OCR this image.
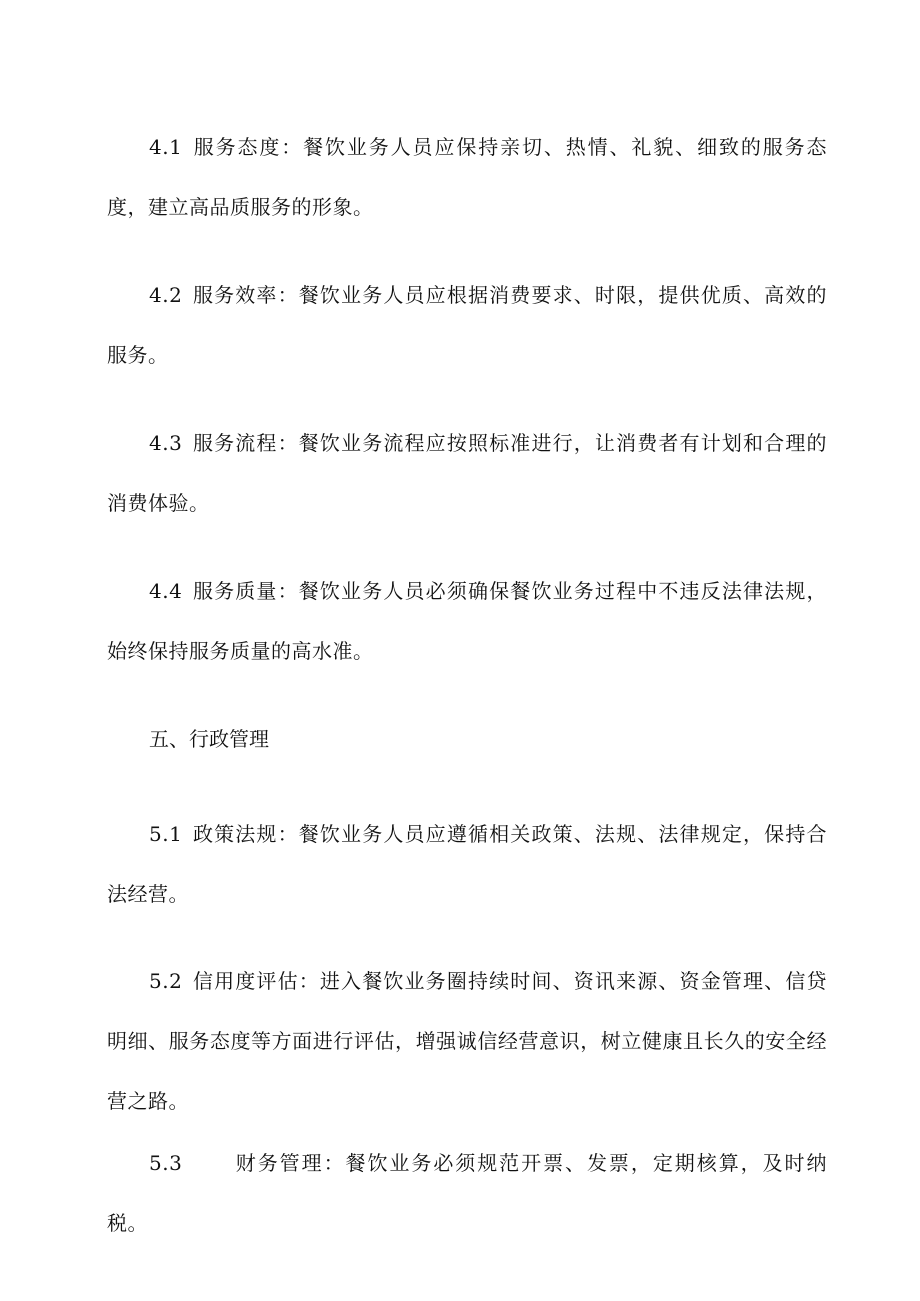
4.1 服务态度：餐饮业务人员应保持亲切、热情、礼貌、细致的服务态度，建立高品质服务的形象。

4.2 服务效率：餐饮业务人员应根据消费要求、时限，提供优质、高效的服务。

4.3 服务流程：餐饮业务流程应按照标准进行，让消费者有计划和合理的消费体验。

4.4 服务质量：餐饮业务人员必须确保餐饮业务过程中不违反法律法规，始终保持服务质量的高水准。

五、行政管理

5.1 政策法规：餐饮业务人员应遵循相关政策、法规、法律规定，保持合法经营。

5.2 信用度评估：进入餐饮业务圈持续时间、资讯来源、资金管理、信贷明细、服务态度等方面进行评估，增强诚信经营意识，树立健康且长久的安全经营之路。

5.3	财务管理：餐饮业务必须规范开票、发票，定期核算，及时纳税。
